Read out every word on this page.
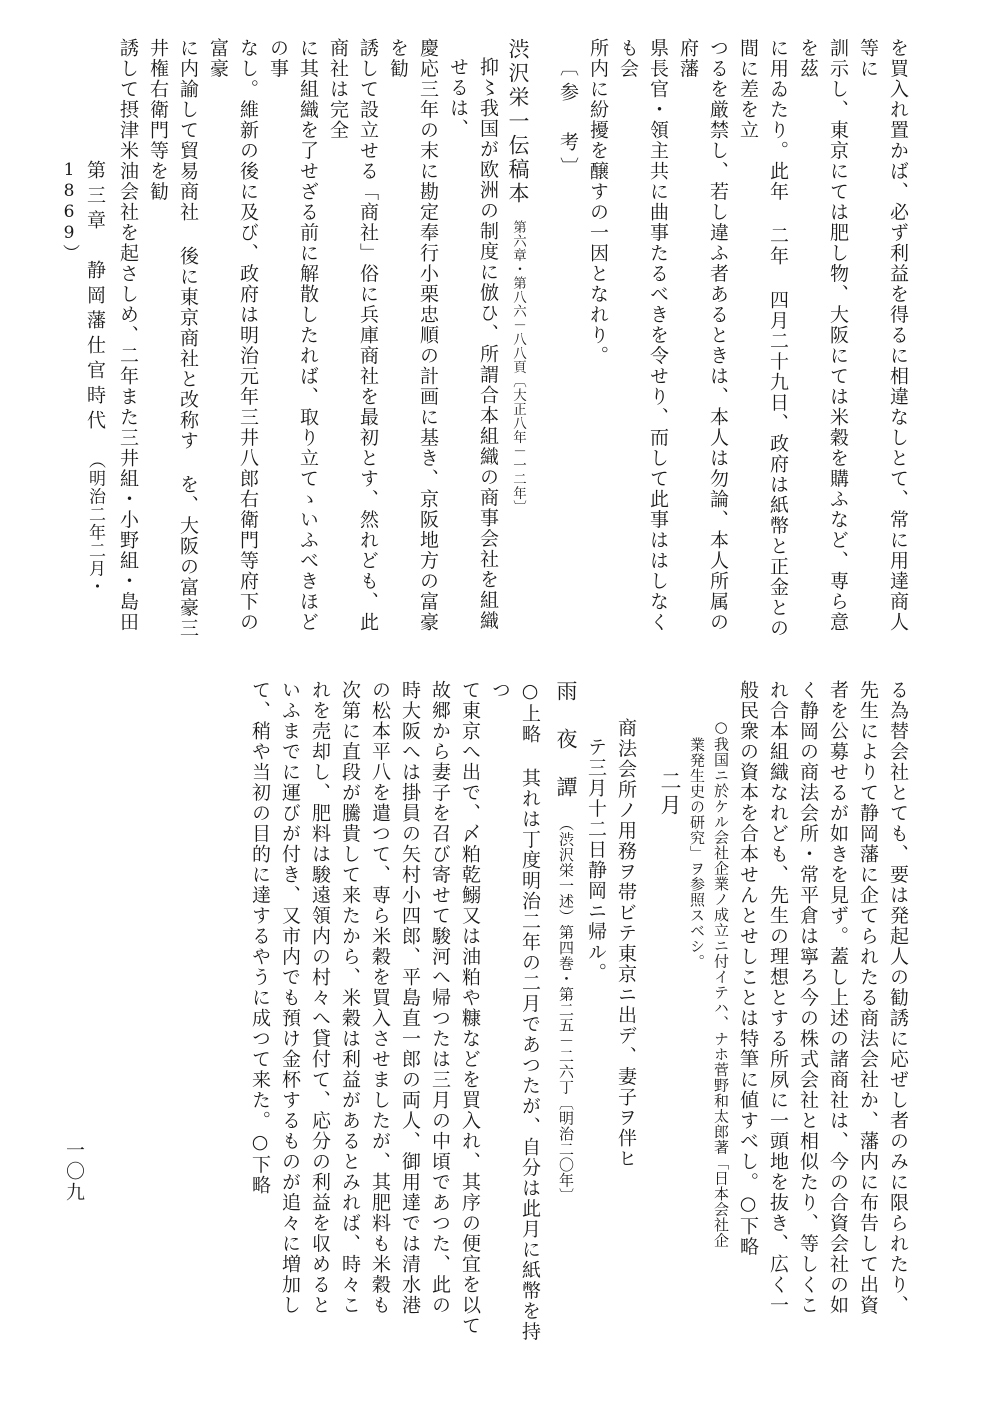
を買入れ置かば、必ず利益を得るに相違なしとて、常に用達商人等に

訓示し、東京にては肥し物、大阪にては米穀を購ふなど、専ら意を茲

に用ゐたり。此年 二年 四月二十九日、政府は紙幣と正金との間に差を立

つるを厳禁し、若し違ふ者あるときは、本人は勿論、本人所属の府藩

県長官・領主共に曲事たるべきを令せり、而して此事ははしなくも会

所内に紛擾を醸すの一因となれり。

〔参　考〕

渋沢栄一伝稿本第六章・第八六－八八頁〔大正八年－一二年〕

抑〻我国が欧洲の制度に倣ひ、所謂合本組織の商事会社を組織せるは、

慶応三年の末に勘定奉行小栗忠順の計画に基き、京阪地方の富豪を勧

誘して設立せる「商社」俗に兵庫商社を最初とす、然れども、此商社は完全

に其組織を了せざる前に解散したれば、取り立てゝいふべきほどの事

なし。維新の後に及び、政府は明治元年三井八郎右衛門等府下の富豪

に内諭して貿易商社 後に東京商社と改称す を、大阪の富豪三井権右衛門等を勧

誘して摂津米油会社を起さしめ、二年また三井組・小野組・島田

る為替会社とても、要は発起人の勧誘に応ぜし者のみに限られたり、

先生によりて静岡藩に企てられたる商法会社か、藩内に布告して出資

者を公募せるが如きを見ず。蓋し上述の諸商社は、今の合資会社の如

く静岡の商法会所・常平倉は寧ろ今の株式会社と相似たり、等しくこ

れ合本組織なれども、先生の理想とする所夙に一頭地を抜き、広く一

般民衆の資本を合本せんとせしことは特筆に値すべし。○下略

○我国ニ於ケル会社企業ノ成立ニ付イテハ、ナホ菅野和太郎著「日本会社企

業発生史の研究」ヲ参照スベシ。

二月

商法会所ノ用務ヲ帯ビテ東京ニ出デ、妻子ヲ伴ヒ

テ三月十二日静岡ニ帰ル。

雨　夜　譚（渋沢栄一述）第四巻・第二五－二六丁〔明治二〇年〕

○上略 其れは丁度明治二年の二月であつたが、自分は此月に紙幣を持つ

て東京へ出で、〆粕乾鰯又は油粕や糠などを買入れ、其序の便宜を以て

故郷から妻子を召び寄せて駿河へ帰つたは三月の中頃であつた、此の

時大阪へは掛員の矢村小四郎、平島直一郎の両人、御用達では清水港

の松本平八を遣つて、専ら米穀を買入させましたが、其肥料も米穀も

次第に直段が騰貴して来たから、米穀は利益があるとみれば、時々こ

れを売却し、肥料は駿遠領内の村々へ貸付て、応分の利益を収めると

いふまでに運びが付き、又市内でも預け金杯するものが追々に増加し

て、稍や当初の目的に達するやうに成つて来た。○下略

第三章　静岡藩仕官時代　（明治二年二月・1869）
一〇九
